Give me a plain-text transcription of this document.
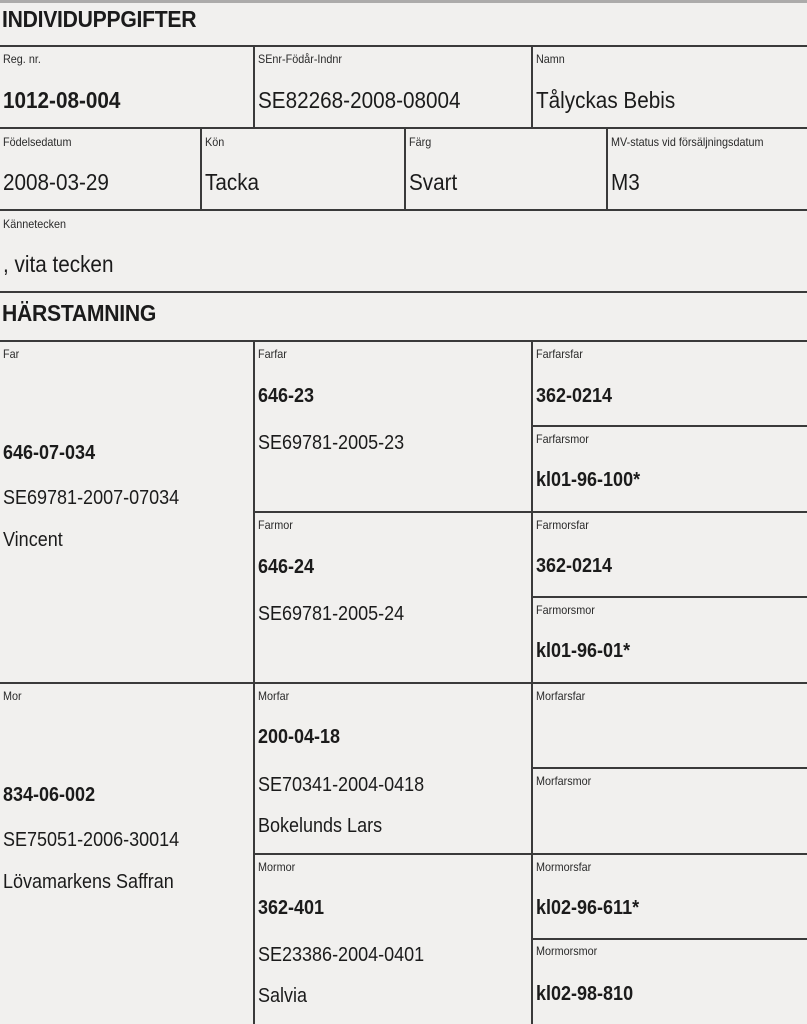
INDIVIDUPPGIFTER
Reg. nr.
1012-08-004
SEnr-Födår-Indnr
SE82268-2008-08004
Namn
Tålyckas Bebis
Födelsedatum
2008-03-29
Kön
Tacka
Färg
Svart
MV-status vid försäljningsdatum
M3
Kännetecken
, vita tecken
HÄRSTAMNING
Far
646-07-034
SE69781-2007-07034
Vincent
Farfar
646-23
SE69781-2005-23
Farmor
646-24
SE69781-2005-24
Farfarsfar
362-0214
Farfarsmor
kl01-96-100*
Farmorsfar
362-0214
Farmorsmor
kl01-96-01*
Mor
834-06-002
SE75051-2006-30014
Lövamarkens Saffran
Morfar
200-04-18
SE70341-2004-0418
Bokelunds Lars
Mormor
362-401
SE23386-2004-0401
Salvia
Morfarsfar
Morfarsmor
Mormorsfar
kl02-96-611*
Mormorsmor
kl02-98-810
